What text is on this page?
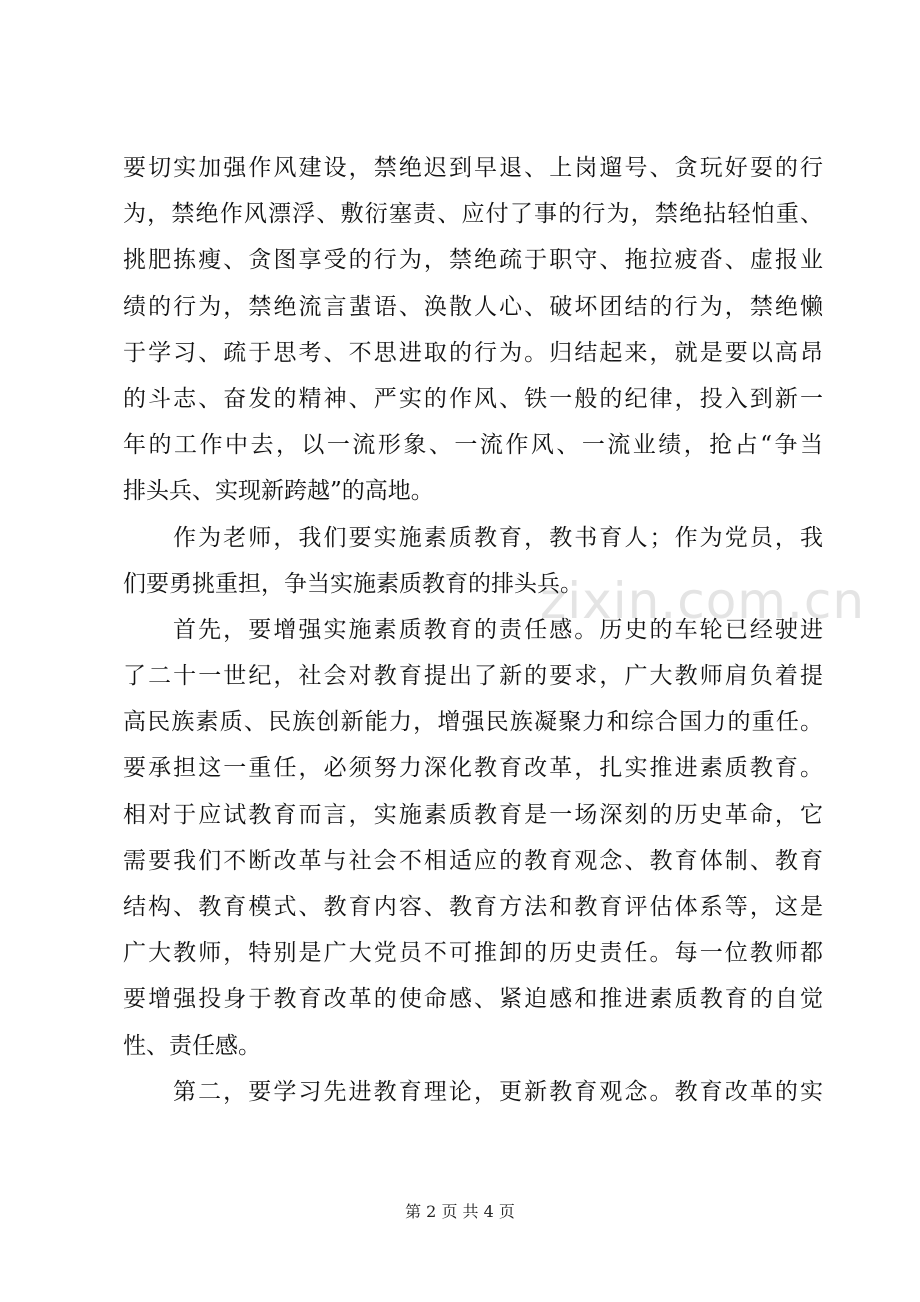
zixin.com.cn
要切实加强作风建设，禁绝迟到早退、上岗遛号、贪玩好耍的行
为，禁绝作风漂浮、敷衍塞责、应付了事的行为，禁绝拈轻怕重、
挑肥拣瘦、贪图享受的行为，禁绝疏于职守、拖拉疲沓、虚报业
绩的行为，禁绝流言蜚语、涣散人心、破坏团结的行为，禁绝懒
于学习、疏于思考、不思进取的行为。归结起来，就是要以高昂
的斗志、奋发的精神、严实的作风、铁一般的纪律，投入到新一
年的工作中去，以一流形象、一流作风、一流业绩，抢占“争当
排头兵、实现新跨越”的高地。
作为老师，我们要实施素质教育，教书育人；作为党员，我
们要勇挑重担，争当实施素质教育的排头兵。
首先，要增强实施素质教育的责任感。历史的车轮已经驶进
了二十一世纪，社会对教育提出了新的要求，广大教师肩负着提
高民族素质、民族创新能力，增强民族凝聚力和综合国力的重任。
要承担这一重任，必须努力深化教育改革，扎实推进素质教育。
相对于应试教育而言，实施素质教育是一场深刻的历史革命，它
需要我们不断改革与社会不相适应的教育观念、教育体制、教育
结构、教育模式、教育内容、教育方法和教育评估体系等，这是
广大教师，特别是广大党员不可推卸的历史责任。每一位教师都
要增强投身于教育改革的使命感、紧迫感和推进素质教育的自觉
性、责任感。
第二，要学习先进教育理论，更新教育观念。教育改革的实
第 2 页 共 4 页
